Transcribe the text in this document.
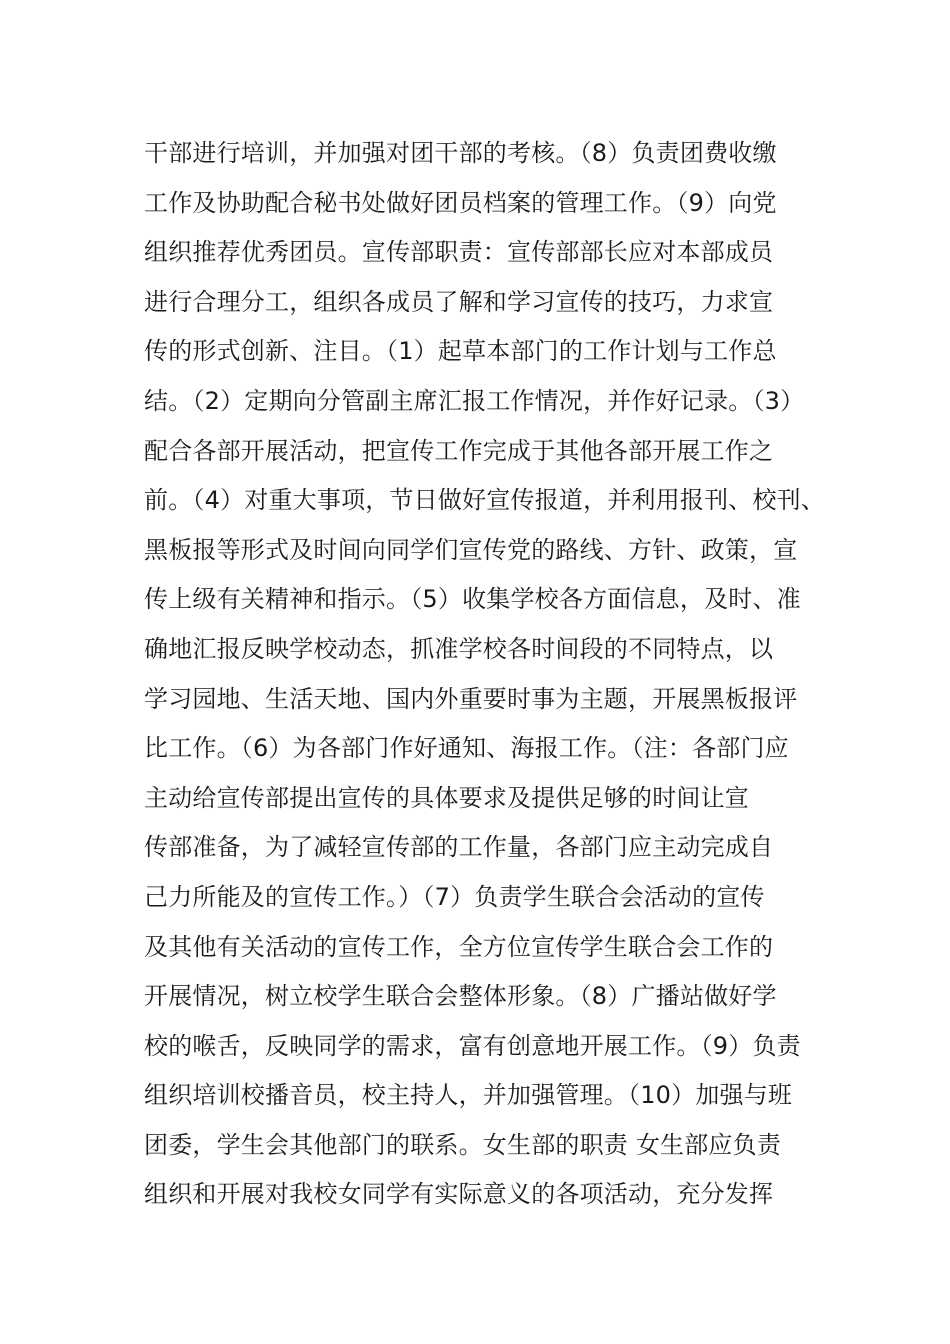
干部进行培训，并加强对团干部的考核。（8）负责团费收缴
工作及协助配合秘书处做好团员档案的管理工作。（9）向党
组织推荐优秀团员。宣传部职责：宣传部部长应对本部成员
进行合理分工，组织各成员了解和学习宣传的技巧，力求宣
传的形式创新、注目。（1）起草本部门的工作计划与工作总
结。（2）定期向分管副主席汇报工作情况，并作好记录。（3）
配合各部开展活动，把宣传工作完成于其他各部开展工作之
前。（4）对重大事项，节日做好宣传报道，并利用报刊、校刊、
黑板报等形式及时间向同学们宣传党的路线、方针、政策，宣
传上级有关精神和指示。（5）收集学校各方面信息，及时、准
确地汇报反映学校动态，抓准学校各时间段的不同特点，以
学习园地、生活天地、国内外重要时事为主题，开展黑板报评
比工作。（6）为各部门作好通知、海报工作。（注：各部门应
主动给宣传部提出宣传的具体要求及提供足够的时间让宣
传部准备，为了减轻宣传部的工作量，各部门应主动完成自
己力所能及的宣传工作。）（7）负责学生联合会活动的宣传
及其他有关活动的宣传工作，全方位宣传学生联合会工作的
开展情况，树立校学生联合会整体形象。（8）广播站做好学
校的喉舌，反映同学的需求，富有创意地开展工作。（9）负责
组织培训校播音员，校主持人，并加强管理。（10）加强与班
团委，学生会其他部门的联系。女生部的职责 女生部应负责
组织和开展对我校女同学有实际意义的各项活动，充分发挥
